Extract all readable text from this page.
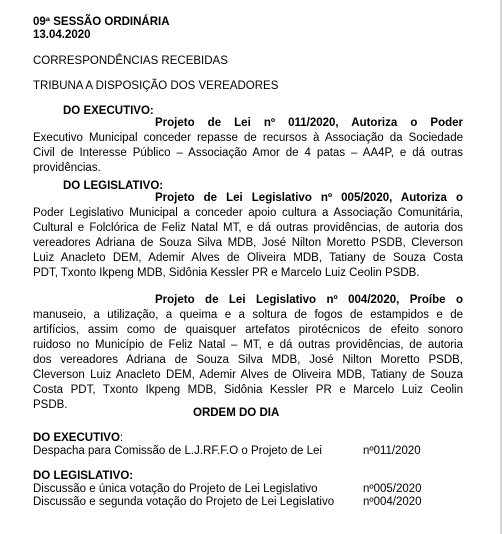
09ª SESSÃO ORDINÁRIA

13.04.2020

CORRESPONDÊNCIAS RECEBIDAS

TRIBUNA A DISPOSIÇÃO DOS VEREADORES

DO EXECUTIVO:

Projeto de Lei nº 011/2020, Autoriza o Poder
Executivo Municipal conceder repasse de recursos à Associação da Sociedade
Civil de Interesse Público – Associação Amor de 4 patas – AA4P, e dá outras
providências.

DO LEGISLATIVO:

Projeto de Lei Legislativo nº 005/2020, Autoriza o
Poder Legislativo Municipal a conceder apoio cultura a Associação Comunitária,
Cultural e Folclórica de Feliz Natal MT, e dá outras providências, de autoria dos
vereadores Adriana de Souza Silva MDB, José Nilton Moretto PSDB, Cleverson
Luiz Anacleto DEM, Ademir Alves de Oliveira MDB, Tatiany de Souza Costa
PDT, Txonto Ikpeng MDB, Sidônia Kessler PR e Marcelo Luiz Ceolin PSDB.
Projeto de Lei Legislativo nº 004/2020, Proíbe o
manuseio, a utilização, a queima e a soltura de fogos de estampidos e de
artifícios, assim como de quaisquer artefatos pirotécnicos de efeito sonoro
ruidoso no Município de Feliz Natal – MT, e dá outras providências, de autoria
dos vereadores Adriana de Souza Silva MDB, José Nilton Moretto PSDB,
Cleverson Luiz Anacleto DEM, Ademir Alves de Oliveira MDB, Tatiany de Souza
Costa PDT, Txonto Ikpeng MDB, Sidônia Kessler PR e Marcelo Luiz Ceolin
PSDB.

ORDEM DO DIA

DO EXECUTIVO:

Despacha para Comissão de L.J.RF.F.O o Projeto de Lei	nº011/2020

DO LEGISLATIVO:

Discussão e única votação do Projeto de Lei Legislativo	nº005/2020
Discussão e segunda votação do Projeto de Lei Legislativo	nº004/2020
